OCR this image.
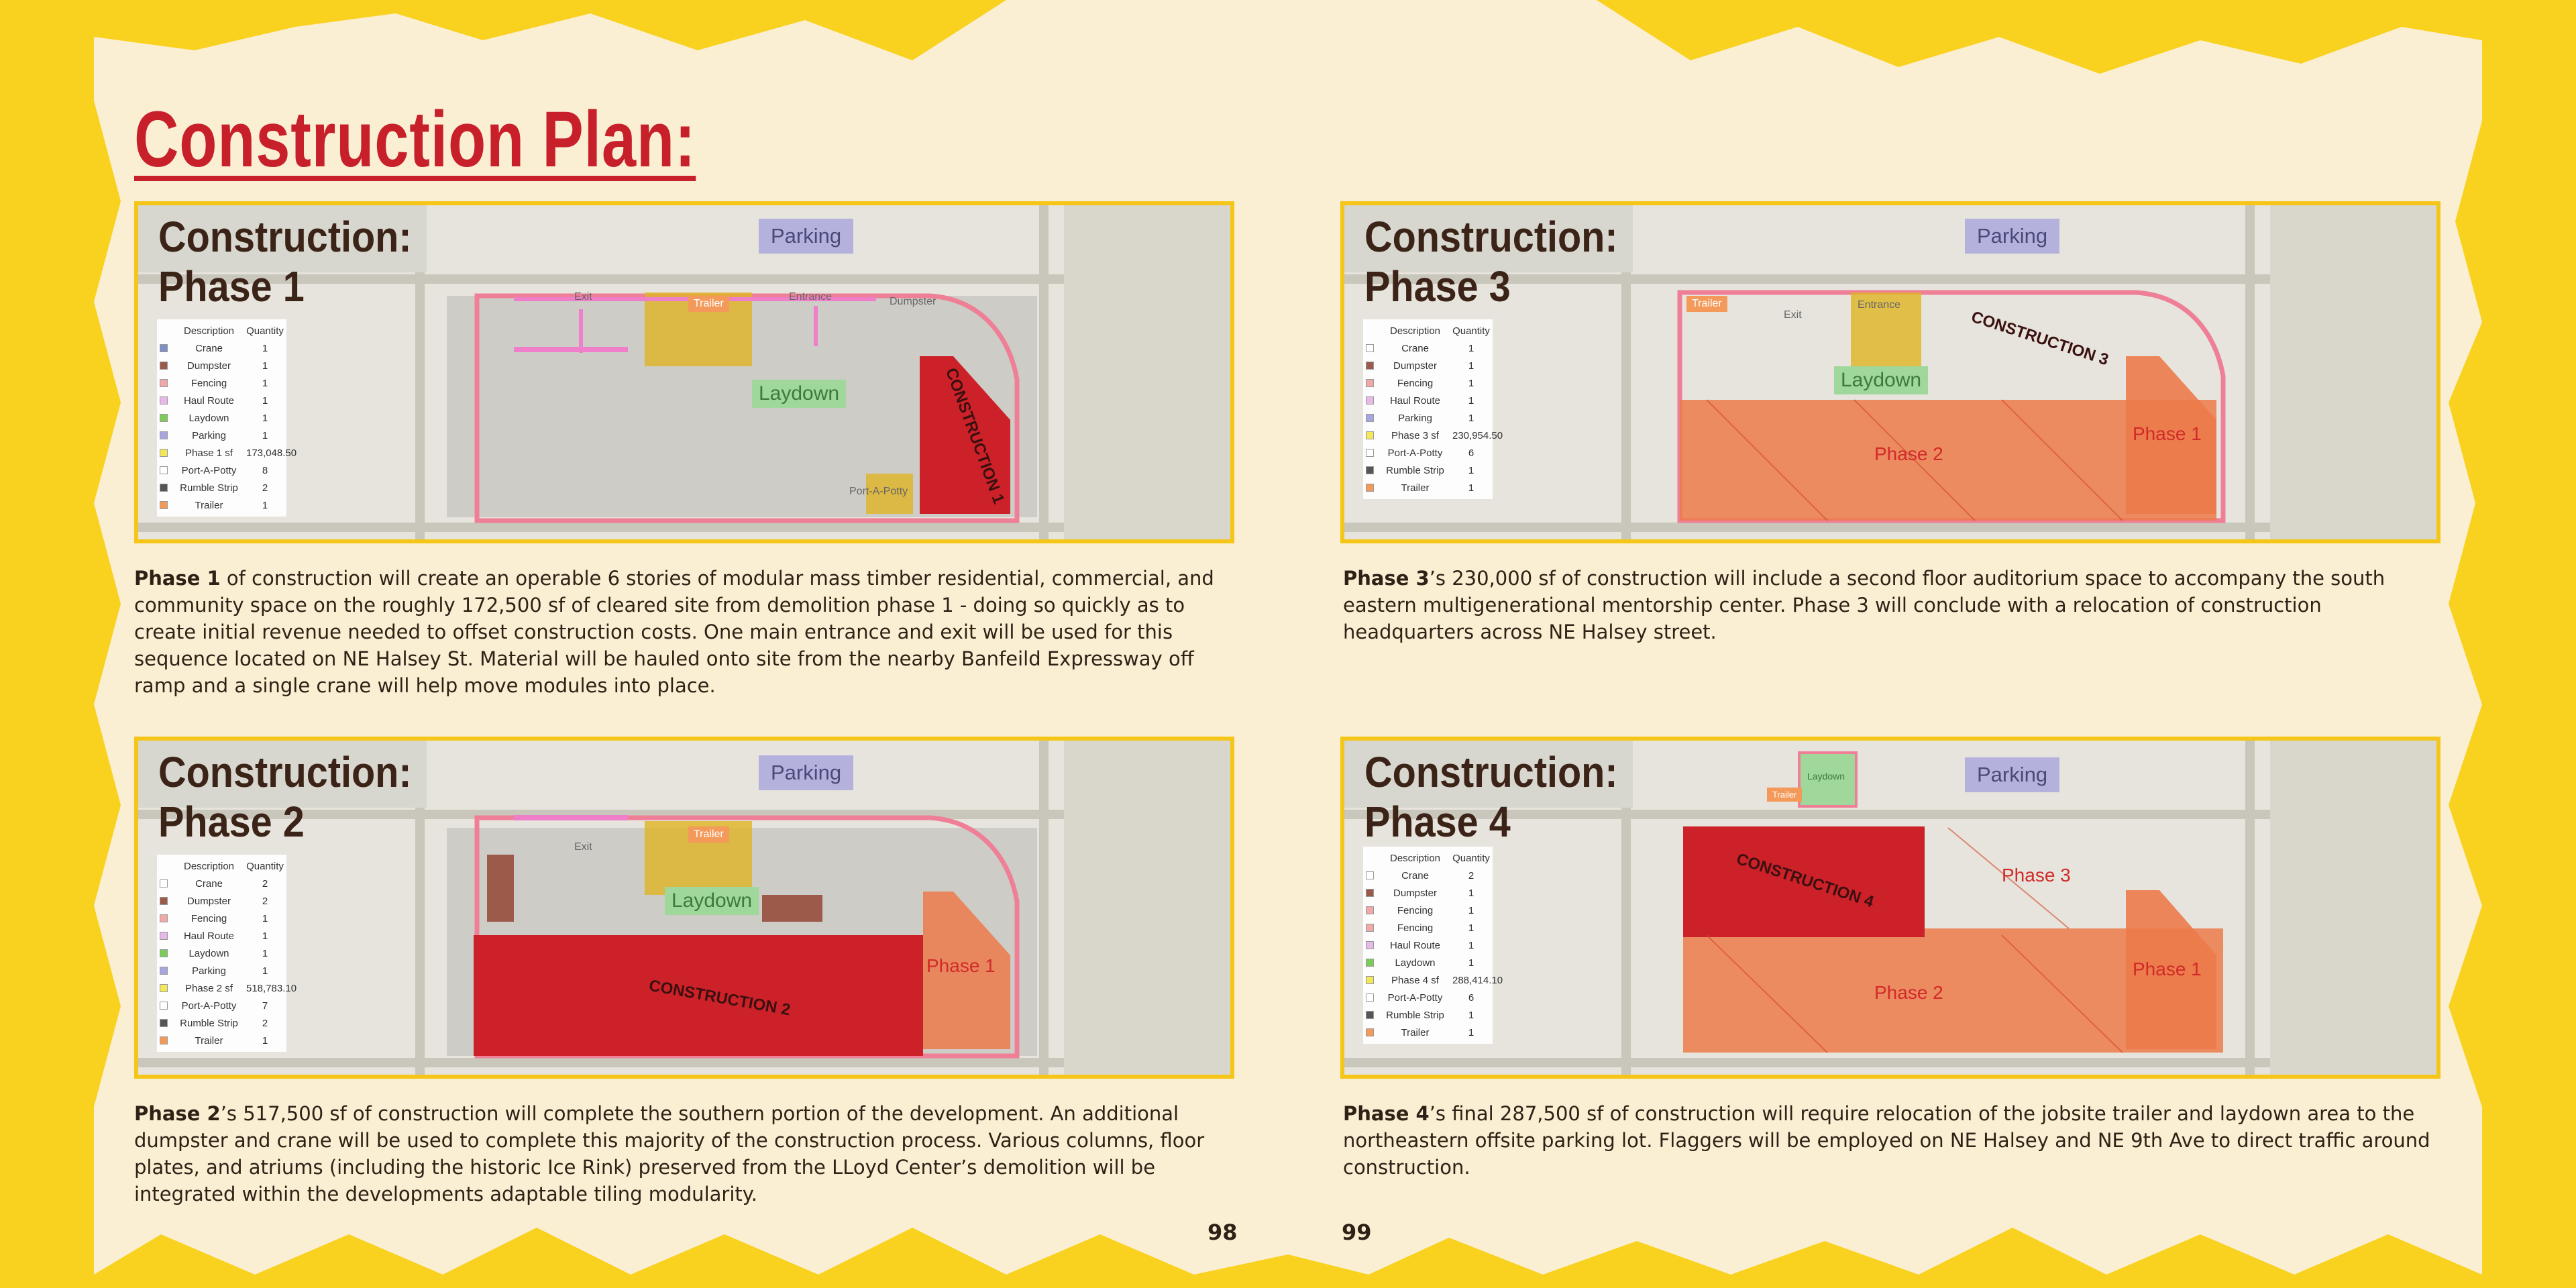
Construction Plan:
Construction:
Phase 1
Description	Quantity
Crane	1
Dumpster	1
Fencing	1
Haul Route	1
Laydown	1
Parking	1
Phase 1 sf	173,048.50
Port-A-Potty	8
Rumble Strip	2
Trailer	1
Parking
Laydown
Trailer
Exit	Entrance	Dumpster
Port-A-Potty CONSTRUCTION 1
Construction:
Phase 2
Description	Quantity
Crane	2
Dumpster	2
Fencing	1
Haul Route	1
Laydown	1
Parking	1
Phase 2 sf	518,783.10
Port-A-Potty	7
Rumble Strip	2
Trailer	1
Parking
Laydown
Trailer
Exit
CONSTRUCTION 2
Phase 1
Construction:
Phase 3
Description	Quantity
Crane	1
Dumpster	1
Fencing	1
Haul Route	1
Parking	1
Phase 3 sf	230,954.50
Port-A-Potty	6
Rumble Strip	1
Trailer	1
Parking
Laydown
Trailer
Exit
Entrance
CONSTRUCTION 3
Phase 2
Phase 1
Construction:
Phase 4
Description	Quantity
Crane	2
Dumpster	1
Fencing	1
Fencing	1
Haul Route	1
Laydown	1
Phase 4 sf	288,414.10
Port-A-Potty	6
Rumble Strip	1
Trailer	1
Parking
Laydown
Trailer
CONSTRUCTION 4	Phase 3
Phase 2
Phase 1

Phase 1 of construction will create an operable 6 stories of modular mass timber residential, commercial, and community space on the roughly 172,500 sf of cleared site from demolition phase 1 - doing so quickly as to create initial revenue needed to offset construction costs. One main entrance and exit will be used for this sequence located on NE Halsey St. Material will be hauled onto site from the nearby Banfeild Expressway off ramp and a single crane will help move modules into place.

Phase 2’s 517,500 sf of construction will complete the southern portion of the development. An additional dumpster and crane will be used to complete this majority of the construction process. Various columns, floor plates, and atriums (including the historic Ice Rink) preserved from the LLoyd Center’s demolition will be integrated within the developments adaptable tiling modularity.

Phase 3’s 230,000 sf of construction will include a second floor auditorium space to accompany the south eastern multigenerational mentorship center. Phase 3 will conclude with a relocation of construction headquarters across NE Halsey street.

Phase 4’s final 287,500 sf of construction will require relocation of the jobsite trailer and laydown area to the northeastern offsite parking lot. Flaggers will be employed on NE Halsey and NE 9th Ave to direct traffic around construction.

98	99
